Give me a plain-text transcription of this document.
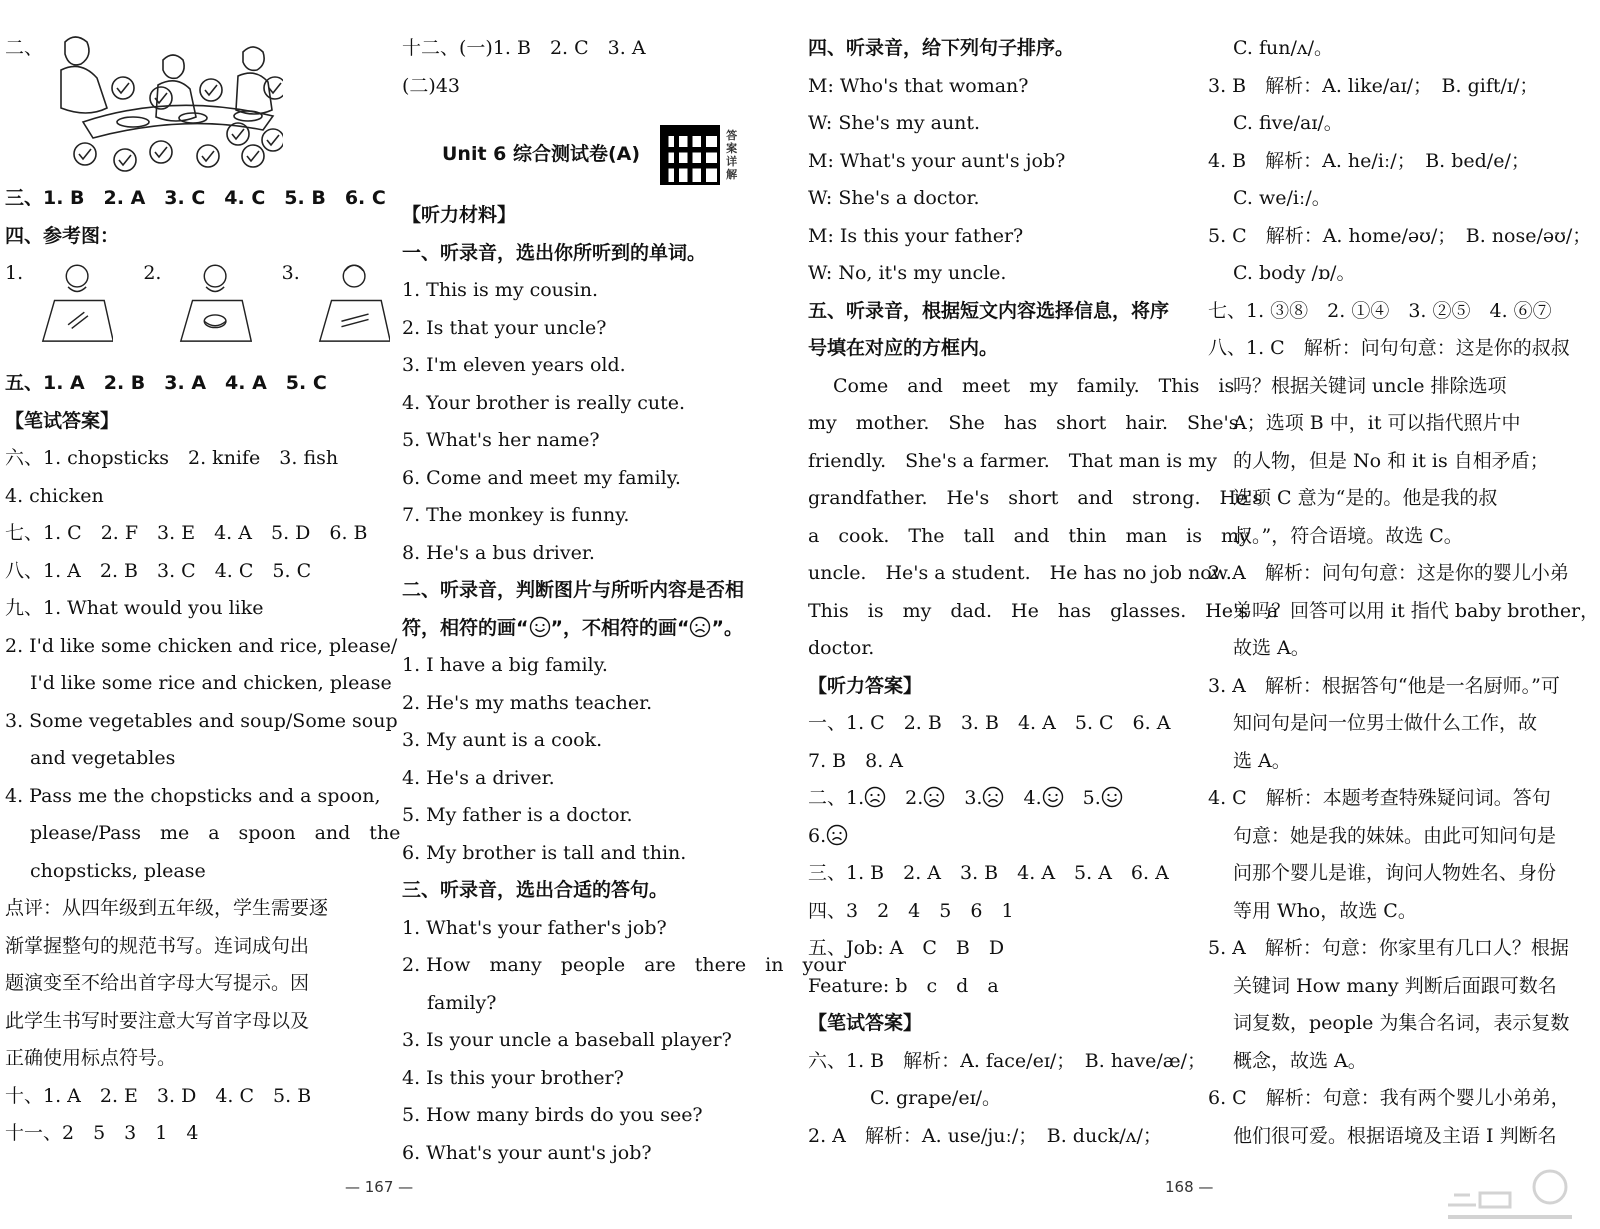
二、
三、1. B　2. A　3. C　4. C　5. B　6. C
四、参考图：
1.	2.	3.
五、1. A　2. B　3. A　4. A　5. C
【笔试答案】
六、1. chopsticks　2. knife　3. fish
4. chicken
七、1. C　2. F　3. E　4. A　5. D　6. B
八、1. A　2. B　3. C　4. C　5. C
九、1. What would you like
2. I'd like some chicken and rice, please/
I'd like some rice and chicken, please
3. Some vegetables and soup/Some soup
and vegetables
4. Pass me the chopsticks and a spoon,
please/Pass　me　a　spoon　and　the
chopsticks, please
点评：从四年级到五年级，学生需要逐
渐掌握整句的规范书写。连词成句出
题演变至不给出首字母大写提示。因
此学生书写时要注意大写首字母以及
正确使用标点符号。
十、1. A　2. E　3. D　4. C　5. B
十一、2　5　3　1　4
十二、(一)1. B　2. C　3. A
(二)43
Unit 6 综合测试卷(A)
答案详解
【听力材料】
一、听录音，选出你所听到的单词。
1. This is my cousin.
2. Is that your uncle?
3. I'm eleven years old.
4. Your brother is really cute.
5. What's her name?
6. Come and meet my family.
7. The monkey is funny.
8. He's a bus driver.
二、听录音，判断图片与所听内容是否相
符，相符的画“ ”，不相符的画“ ”。
1. I have a big family.
2. He's my maths teacher.
3. My aunt is a cook.
4. He's a driver.
5. My father is a doctor.
6. My brother is tall and thin.
三、听录音，选出合适的答句。
1. What's your father's job?
2. How　many　people　are　there　in　your
family?
3. Is your uncle a baseball player?
4. Is this your brother?
5. How many birds do you see?
6. What's your aunt's job?
四、听录音，给下列句子排序。
M: Who's that woman?
W: She's my aunt.
M: What's your aunt's job?
W: She's a doctor.
M: Is this your father?
W: No, it's my uncle.
五、听录音，根据短文内容选择信息，将序
号填在对应的方框内。
Come　and　meet　my　family.　This　is
my　mother.　She　has　short　hair.　She's
friendly.　She's a farmer.　That man is my
grandfather.　He's　short　and　strong.　He's
a　cook.　The　tall　and　thin　man　is　my
uncle.　He's a student.　He has no job now.
This　is　my　dad.　He　has　glasses.　He's　a
doctor.
【听力答案】
一、1. C　2. B　3. B　4. A　5. C　6. A
7. B　8. A
二、1.　 2.　 3.　 4.　 5.
6.
三、1. B　2. A　3. B　4. A　5. A　6. A
四、3　2　4　5　6　1
五、Job: A　C　B　D
Feature: b　c　d　a
【笔试答案】
六、1. B　解析：A. face/eɪ/；　B. have/æ/；
C. grape/eɪ/。
2. A　解析：A. use/juː/；　B. duck/ʌ/；
C. fun/ʌ/。
3. B　解析：A. like/aɪ/；　B. gift/ɪ/；
C. five/aɪ/。
4. B　解析：A. he/iː/；　B. bed/e/；
C. we/iː/。
5. C　解析：A. home/əʊ/；　B. nose/əʊ/；
C. body /ɒ/。
七、1. ③⑧　2. ①④　3. ②⑤　4. ⑥⑦
八、1. C　解析：问句句意：这是你的叔叔
吗？根据关键词 uncle 排除选项
A；选项 B 中，it 可以指代照片中
的人物，但是 No 和 it is 自相矛盾；
选项 C 意为“是的。他是我的叔
叔。”，符合语境。故选 C。
2. A　解析：问句句意：这是你的婴儿小弟
弟吗？回答可以用 it 指代 baby brother，
故选 A。
3. A　解析：根据答句“他是一名厨师。”可
知问句是问一位男士做什么工作，故
选 A。
4. C　解析：本题考查特殊疑问词。答句
句意：她是我的妹妹。由此可知问句是
问那个婴儿是谁，询问人物姓名、身份
等用 Who，故选 C。
5. A　解析：句意：你家里有几口人？根据
关键词 How many 判断后面跟可数名
词复数，people 为集合名词，表示复数
概念，故选 A。
6. C　解析：句意：我有两个婴儿小弟弟，
他们很可爱。根据语境及主语 I 判断名
— 167 —	168 —
